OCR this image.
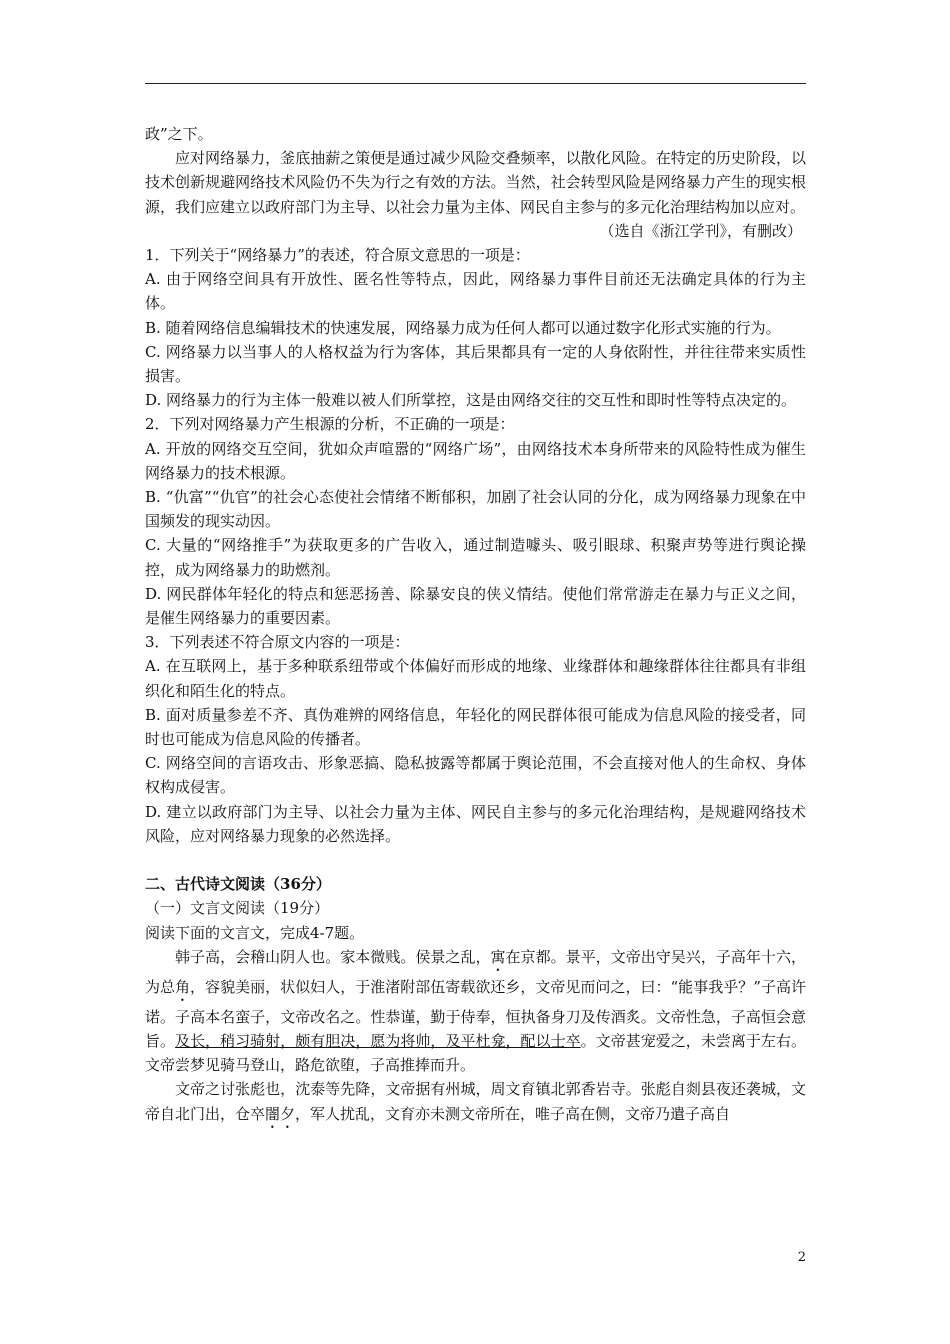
政”之下。

应对网络暴力，釜底抽薪之策便是通过减少风险交叠频率，以散化风险。在特定的历史阶段，以技术创新规避网络技术风险仍不失为行之有效的方法。当然，社会转型风险是网络暴力产生的现实根源，我们应建立以政府部门为主导、以社会力量为主体、网民自主参与的多元化治理结构加以应对。

（选自《浙江学刊》，有删改）

1．下列关于“网络暴力”的表述，符合原文意思的一项是：

A. 由于网络空间具有开放性、匿名性等特点，因此，网络暴力事件目前还无法确定具体的行为主体。

B. 随着网络信息编辑技术的快速发展，网络暴力成为任何人都可以通过数字化形式实施的行为。

C. 网络暴力以当事人的人格权益为行为客体，其后果都具有一定的人身依附性，并往往带来实质性损害。

D. 网络暴力的行为主体一般难以被人们所掌控，这是由网络交往的交互性和即时性等特点决定的。

2．下列对网络暴力产生根源的分析，不正确的一项是：

A. 开放的网络交互空间，犹如众声喧嚣的“网络广场”，由网络技术本身所带来的风险特性成为催生网络暴力的技术根源。

B. “仇富”“仇官”的社会心态使社会情绪不断郁积，加剧了社会认同的分化，成为网络暴力现象在中国频发的现实动因。

C. 大量的“网络推手”为获取更多的广告收入，通过制造噱头、吸引眼球、积聚声势等进行舆论操控，成为网络暴力的助燃剂。

D. 网民群体年轻化的特点和惩恶扬善、除暴安良的侠义情结。使他们常常游走在暴力与正义之间，是催生网络暴力的重要因素。

3．下列表述不符合原文内容的一项是：

A. 在互联网上，基于多种联系纽带或个体偏好而形成的地缘、业缘群体和趣缘群体往往都具有非组织化和陌生化的特点。

B. 面对质量参差不齐、真伪难辨的网络信息，年轻化的网民群体很可能成为信息风险的接受者，同时也可能成为信息风险的传播者。

C. 网络空间的言语攻击、形象恶搞、隐私披露等都属于舆论范围，不会直接对他人的生命权、身体权构成侵害。

D. 建立以政府部门为主导、以社会力量为主体、网民自主参与的多元化治理结构，是规避网络技术风险，应对网络暴力现象的必然选择。

二、古代诗文阅读（36分）

（一）文言文阅读（19分）

阅读下面的文言文，完成4-7题。

韩子高，会稽山阴人也。家本微贱。侯景之乱，寓在京都。景平，文帝出守吴兴，子高年十六，为总角，容貌美丽，状似妇人，于淮渚附部伍寄载欲还乡，文帝见而问之，曰：“能事我乎？”子高许诺。子高本名蛮子，文帝改名之。性恭谨，勤于侍奉，恒执备身刀及传酒炙。文帝性急，子高恒会意旨。及长，稍习骑射，颇有胆决，愿为将帅，及平杜龛，配以士卒。文帝甚宠爱之，未尝离于左右。文帝尝梦见骑马登山，路危欲堕，子高推捧而升。

文帝之讨张彪也，沈泰等先降，文帝据有州城，周文育镇北郭香岩寺。张彪自剡县夜还袭城，文帝自北门出，仓卒闇夕，军人扰乱，文育亦未测文帝所在，唯子高在侧，文帝乃遣子高自

2
